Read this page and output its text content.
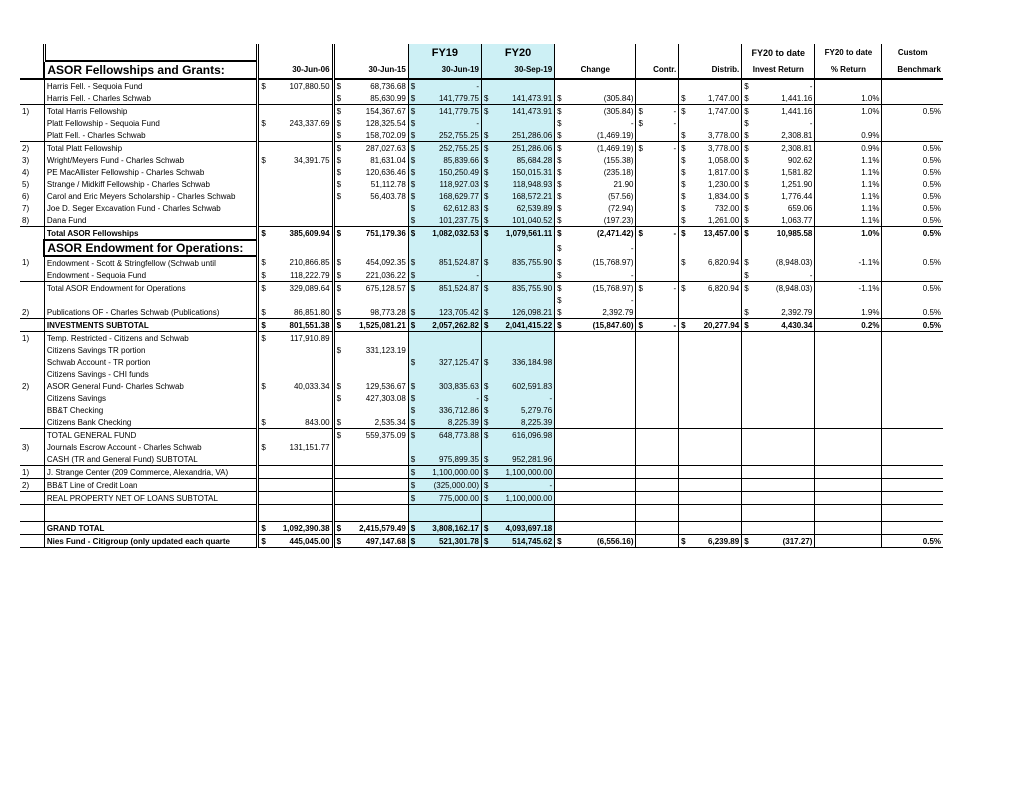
				FY19	FY20				FY20 to date	FY20 to date	Custom
	ASOR Fellowships and Grants:	30-Jun-06	30-Jun-15	30-Jun-19	30-Sep-19	Change	Contr.	Distrib.	Invest Return	% Return	Benchmark
	Harris Fell. - Sequoia Fund	$ 107,880.50	$ 68,736.68	$ -					$ -		
	Harris Fell. - Charles Schwab		$ 85,630.99	$ 141,779.75	$ 141,473.91	$ (305.84)		$ 1,747.00	$ 1,441.16	1.0%	
1)	Total Harris Fellowship		$ 154,367.67	$ 141,779.75	$ 141,473.91	$ (305.84)	$ -	$ 1,747.00	$ 1,441.16	1.0%	0.5%
	Platt Fellowship - Sequoia Fund	$ 243,337.69	$ 128,325.54	$ -		$ -	$ -		$ -		
	Platt Fell. - Charles Schwab		$ 158,702.09	$ 252,755.25	$ 251,286.06	$ (1,469.19)		$ 3,778.00	$ 2,308.81	0.9%	
2)	Total Platt Fellowship		$ 287,027.63	$ 252,755.25	$ 251,286.06	$ (1,469.19)	$ -	$ 3,778.00	$ 2,308.81	0.9%	0.5%
3)	Wright/Meyers Fund - Charles Schwab	$ 34,391.75	$ 81,631.04	$ 85,839.66	$ 85,684.28	$ (155.38)		$ 1,058.00	$ 902.62	1.1%	0.5%
4)	PE MacAllister Fellowship - Charles Schwab		$ 120,636.46	$ 150,250.49	$ 150,015.31	$ (235.18)		$ 1,817.00	$ 1,581.82	1.1%	0.5%
5)	Strange / Midkiff Fellowship - Charles Schwab		$ 51,112.78	$ 118,927.03	$ 118,948.93	$ 21.90		$ 1,230.00	$ 1,251.90	1.1%	0.5%
6)	Carol and Eric Meyers Scholarship - Charles Schwab		$ 56,403.78	$ 168,629.77	$ 168,572.21	$ (57.56)		$ 1,834.00	$ 1,776.44	1.1%	0.5%
7)	Joe D. Seger Excavation Fund - Charles Schwab			$ 62,612.83	$ 62,539.89	$ (72.94)		$ 732.00	$ 659.06	1.1%	0.5%
8)	Dana Fund			$ 101,237.75	$ 101,040.52	$ (197.23)		$ 1,261.00	$ 1,063.77	1.1%	0.5%
	Total ASOR Fellowships	$ 385,609.94	$ 751,179.36	$ 1,082,032.53	$ 1,079,561.11	$ (2,471.42)	$ -	$ 13,457.00	$ 10,985.58	1.0%	0.5%
	ASOR Endowment for Operations:					$ -					
1)	Endowment - Scott & Stringfellow (Schwab until	$ 210,866.85	$ 454,092.35	$ 851,524.87	$ 835,755.90	$ (15,768.97)		$ 6,820.94	$ (8,948.03)	-1.1%	0.5%
	Endowment - Sequoia Fund	$ 118,222.79	$ 221,036.22	$ -		$ -			$ -		
	Total ASOR Endowment for Operations	$ 329,089.64	$ 675,128.57	$ 851,524.87	$ 835,755.90	$ (15,768.97)	$ -	$ 6,820.94	$ (8,948.03)	-1.1%	0.5%

						$ -	

2)	Publications OF - Charles Schwab (Publications)	$ 86,851.80	$ 98,773.28	$ 123,705.42	$ 126,098.21	$ 2,392.79			$ 2,392.79	1.9%	0.5%
	INVESTMENTS SUBTOTAL	$ 801,551.38	$ 1,525,081.21	$ 2,057,262.82	$ 2,041,415.22	$ (15,847.60)	$ -	$ 20,277.94	$ 4,430.34	0.2%	0.5%
1)	Temp. Restricted - Citizens and Schwab	$ 117,910.89	

	Citizens Savings TR portion		$ 331,123.19	

	Schwab Account - TR portion			$ 327,125.47	$ 336,184.98	

	Citizens Savings - CHI funds	

2)	ASOR General Fund- Charles Schwab	$ 40,033.34	$ 129,536.67	$ 303,835.63	$ 602,591.83	

	Citizens Savings		$ 427,303.08	$ -	$ -	

	BB&T Checking			$ 336,712.86	$ 5,279.76	

	Citizens Bank Checking	$ 843.00	$ 2,535.34	$ 8,225.39	$ 8,225.39	

	TOTAL GENERAL FUND		$ 559,375.09	$ 648,773.88	$ 616,096.98	

3)	Journals Escrow Account - Charles Schwab	$ 131,151.77	

	CASH (TR and General Fund) SUBTOTAL			$ 975,899.35	$ 952,281.96	

1)	J. Strange Center (209 Commerce, Alexandria, VA)			$ 1,100,000.00	$ 1,100,000.00	

2)	BB&T Line of Credit Loan			$ (325,000.00)	$ -	

	REAL PROPERTY NET OF LOANS SUBTOTAL			$ 775,000.00	$ 1,100,000.00	

	GRAND TOTAL	$ 1,092,390.38	$ 2,415,579.49	$ 3,808,162.17	$ 4,093,697.18	

	Nies Fund - Citigroup (only updated each quarte	$ 445,045.00	$ 497,147.68	$ 521,301.78	$ 514,745.62	$ (6,556.16)		$ 6,239.89	$ (317.27)		0.5%
